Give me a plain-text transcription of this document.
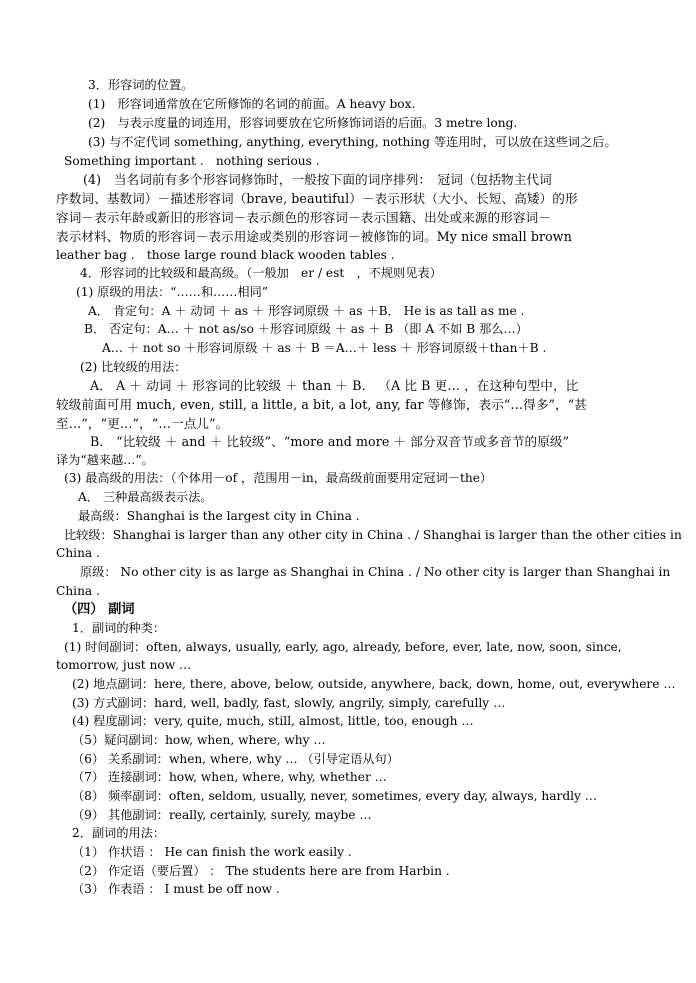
3．形容词的位置。
(1)　形容词通常放在它所修饰的名词的前面。A heavy box.
(2)　与表示度量的词连用，形容词要放在它所修饰词语的后面。3 metre long.
(3) 与不定代词 something, anything, everything, nothing 等连用时，可以放在这些词之后。
Something important .　nothing serious .
(4)　当名词前有多个形容词修饰时，一般按下面的词序排列：　冠词（包括物主代词
序数词、基数词）－描述形容词（brave, beautiful）－表示形状（大小、长短、高矮）的形
容词－表示年龄或新旧的形容词－表示颜色的形容词－表示国籍、出处或来源的形容词－
表示材料、物质的形容词－表示用途或类别的形容词－被修饰的词。My nice small brown
leather bag .　those large round black wooden tables .
4．形容词的比较级和最高级。（一般加　er / est　，不规则见表）
(1) 原级的用法：“……和……相同”
A． 肯定句：A ＋ 动词 ＋ as ＋ 形容词原级 ＋ as ＋B． He is as tall as me .
B． 否定句：A… ＋ not as/so ＋形容词原级 ＋ as ＋ B （即 A 不如 B 那么…）
A… ＋ not so ＋形容词原级 ＋ as ＋ B ＝A…＋ less ＋ 形容词原级＋than＋B .
(2) 比较级的用法：
A． A ＋ 动词 ＋ 形容词的比较级 ＋ than ＋ B． （A 比 B 更… ，在这种句型中，比
较级前面可用 much, even, still, a little, a bit, a lot, any, far 等修饰，表示“…得多”，“甚
至…”，“更…”，“…一点儿”。
B． “比较级 ＋ and ＋ 比较级”、“more and more ＋ 部分双音节或多音节的原级”
译为“越来越…”。
(3) 最高级的用法：（个体用－of ，范围用－in，最高级前面要用定冠词－the）
A． 三种最高级表示法。
最高级：Shanghai is the largest city in China .
比较级：Shanghai is larger than any other city in China . / Shanghai is larger than the other cities in
China .
原级： No other city is as large as Shanghai in China . / No other city is larger than Shanghai in
China .
（四） 副词
1．副词的种类：
(1) 时间副词：often, always, usually, early, ago, already, before, ever, late, now, soon, since,
tomorrow, just now …
(2) 地点副词：here, there, above, below, outside, anywhere, back, down, home, out, everywhere …
(3) 方式副词：hard, well, badly, fast, slowly, angrily, simply, carefully …
(4) 程度副词：very, quite, much, still, almost, little, too, enough …
（5）疑问副词：how, when, where, why …
（6） 关系副词：when, where, why … （引导定语从句）
（7） 连接副词：how, when, where, why, whether …
（8） 频率副词：often, seldom, usually, never, sometimes, every day, always, hardly …
（9） 其他副词：really, certainly, surely, maybe …
2．副词的用法：
（1） 作状语 ： He can finish the work easily .
（2） 作定语（要后置） ： The students here are from Harbin .
（3） 作表语 ： I must be off now .
